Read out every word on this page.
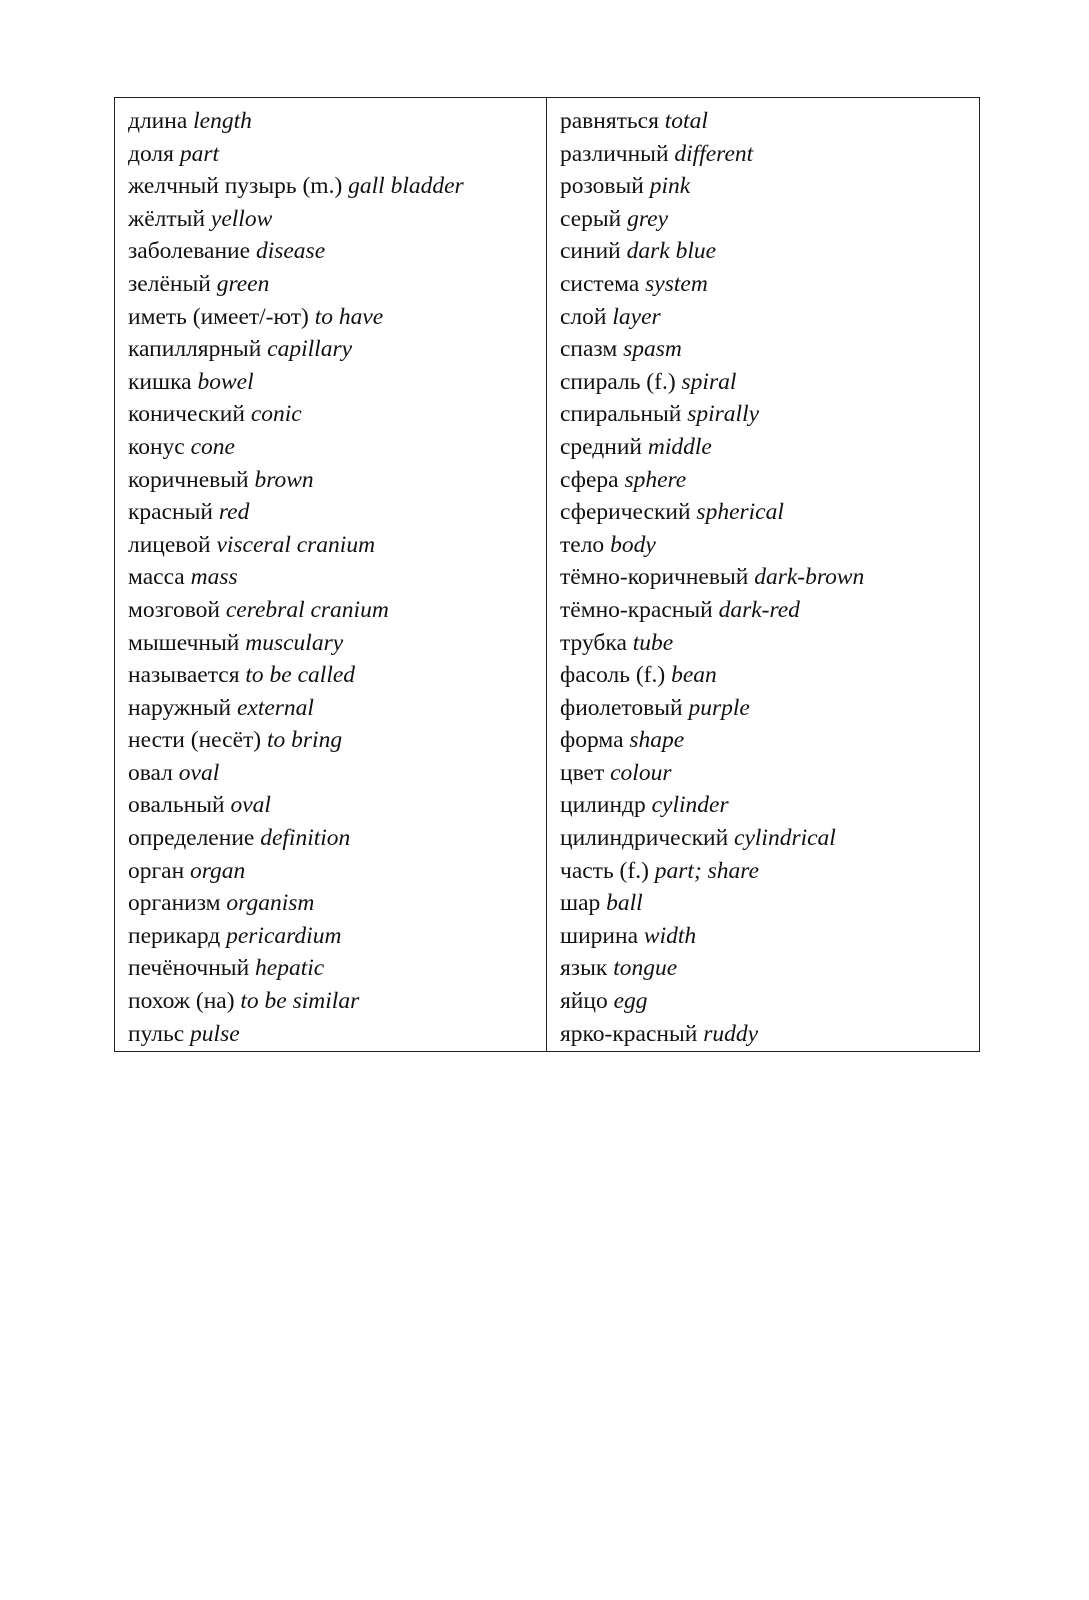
длина length
доля part
желчный пузырь (m.) gall bladder
жёлтый yellow
заболевание disease
зелёный green
иметь (имеет/-ют) to have
капиллярный capillary
кишка bowel
конический conic
конус cone
коричневый brown
красный red
лицевой visceral cranium
масса mass
мозговой cerebral cranium
мышечный musculary
называется to be called
наружный external
нести (несёт) to bring
овал oval
овальный oval
определение definition
орган organ
организм organism
перикард pericardium
печёночный hepatic
похож (на) to be similar
пульс pulse
равняться total
различный different
розовый pink
серый grey
синий dark blue
система system
слой layer
спазм spasm
спираль (f.) spiral
спиральный spirally
средний middle
сфера sphere
сферический spherical
тело body
тёмно-коричневый dark-brown
тёмно-красный dark-red
трубка tube
фасоль (f.) bean
фиолетовый purple
форма shape
цвет colour
цилиндр cylinder
цилиндрический cylindrical
часть (f.) part; share
шар ball
ширина width
язык tongue
яйцо egg
ярко-красный ruddy
